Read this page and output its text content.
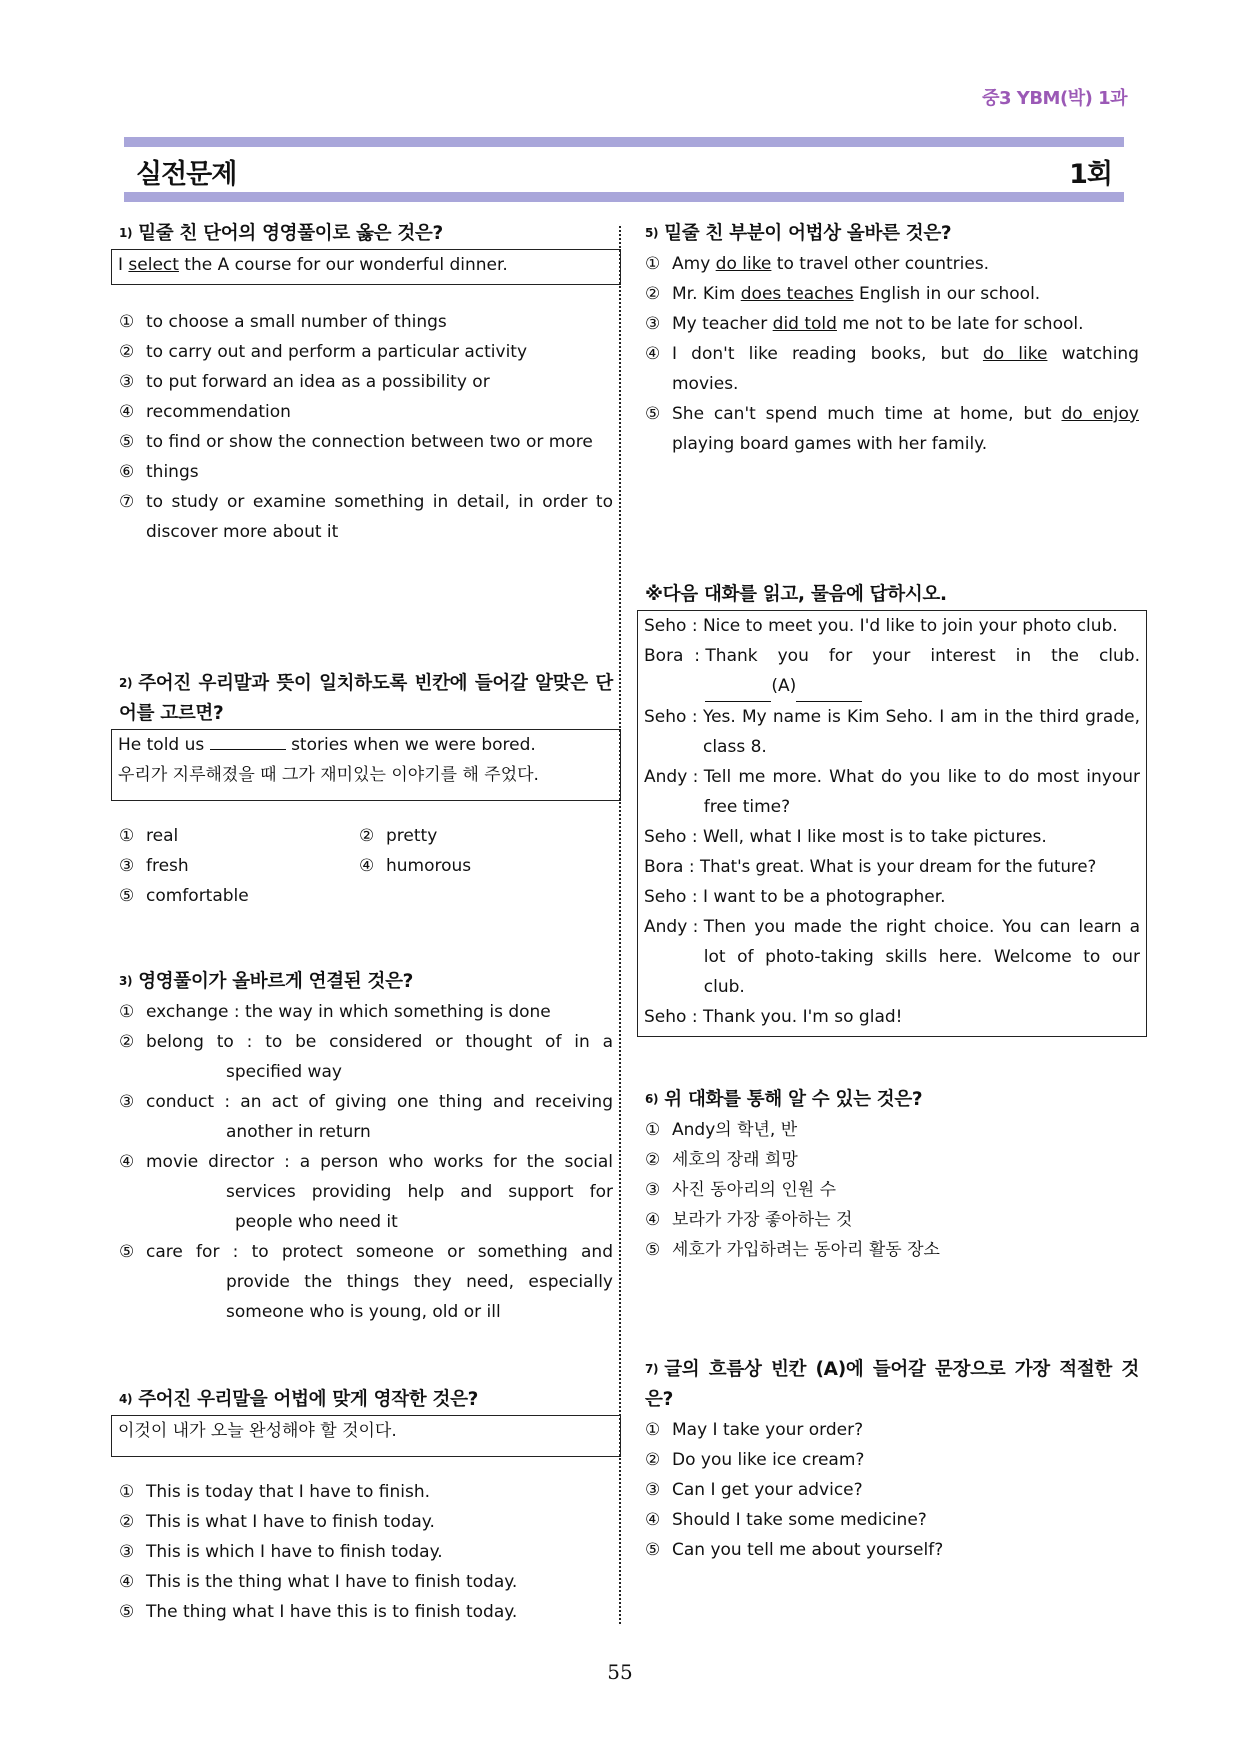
중3 YBM(박) 1과
실전문제	1회
1) 밑줄 친 단어의 영영풀이로 옳은 것은?
I select the A course for our wonderful dinner.
① to choose a small number of things
② to carry out and perform a particular activity
③ to put forward an idea as a possibility or
④ recommendation
⑤ to find or show the connection between two or more
⑥ things
⑦ to study or examine something in detail, in order to discover more about it
2) 주어진 우리말과 뜻이 일치하도록 빈칸에 들어갈 알맞은 단어를 고르면?
He told us	stories when we were bored.
우리가 지루해졌을 때 그가 재미있는 이야기를 해 주었다.
① real	② pretty
③ fresh	④ humorous
⑤ comfortable
3) 영영풀이가 올바르게 연결된 것은?
① exchange : the way in which something is done
② belong to : to be considered or thought of in a
specified way
③ conduct : an act of giving one thing and receiving
another in return
④ movie director : a person who works for the social
services providing help and support for
people who need it
⑤ care for : to protect someone or something and
provide the things they need, especially
someone who is young, old or ill
4) 주어진 우리말을 어법에 맞게 영작한 것은?
이것이 내가 오늘 완성해야 할 것이다.
① This is today that I have to finish.
② This is what I have to finish today.
③ This is which I have to finish today.
④ This is the thing what I have to finish today.
⑤ The thing what I have this is to finish today.
5) 밑줄 친 부분이 어법상 올바른 것은?
① Amy do like to travel other countries.
② Mr. Kim does teaches English in our school.
③ My teacher did told me not to be late for school.
④ I don't like reading books, but do like watching movies.
⑤ She can't spend much time at home, but do enjoy playing board games with her family.
※다음 대화를 읽고, 물음에 답하시오.
Seho : Nice to meet you. I'd like to join your photo club.
Bora  : Thank you for your interest in the club.
(A)
Seho : Yes. My name is Kim Seho. I am in the third grade, class 8.
Andy : Tell me more. What do you like to do most inyour free time?
Seho : Well, what I like most is to take pictures.
Bora : That's great. What is your dream for the future?
Seho : I want to be a photographer.
Andy : Then you made the right choice. You can learn a lot of photo-taking skills here. Welcome to our club.
Seho : Thank you. I'm so glad!
6) 위 대화를 통해 알 수 있는 것은?
① Andy의 학년, 반
② 세호의 장래 희망
③ 사진 동아리의 인원 수
④ 보라가 가장 좋아하는 것
⑤ 세호가 가입하려는 동아리 활동 장소
7) 글의 흐름상 빈칸 (A)에 들어갈 문장으로 가장 적절한 것은?
① May I take your order?
② Do you like ice cream?
③ Can I get your advice?
④ Should I take some medicine?
⑤ Can you tell me about yourself?
55
